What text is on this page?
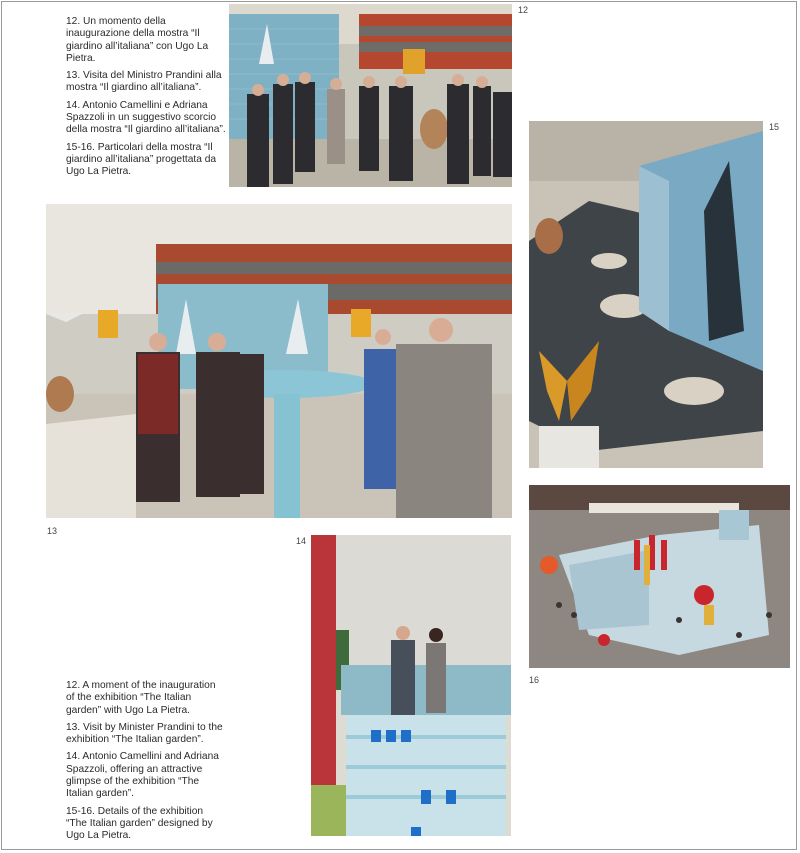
12. Un momento della inaugurazione della mostra “Il giardino all’italiana” con Ugo La Pietra.

13. Visita del Ministro Prandini alla mostra “Il giardino all’italiana”.

14. Antonio Camellini e Adriana Spazzoli in un suggestivo scorcio della mostra “Il giardino all’italiana”.

15-16. Particolari della mostra “Il giardino all’italiana” progettata da Ugo La Pietra.

12. A moment of the inauguration of the exhibition “The Italian garden” with Ugo La Pietra.

13. Visit by Minister Prandini to the exhibition “The Italian garden”.

14. Antonio Camellini and Adriana Spazzoli, offering an attractive glimpse of the exhibition “The Italian garden”.

15-16. Details of the exhibition “The Italian garden” designed by Ugo La Pietra.

12
13
14
15
16
